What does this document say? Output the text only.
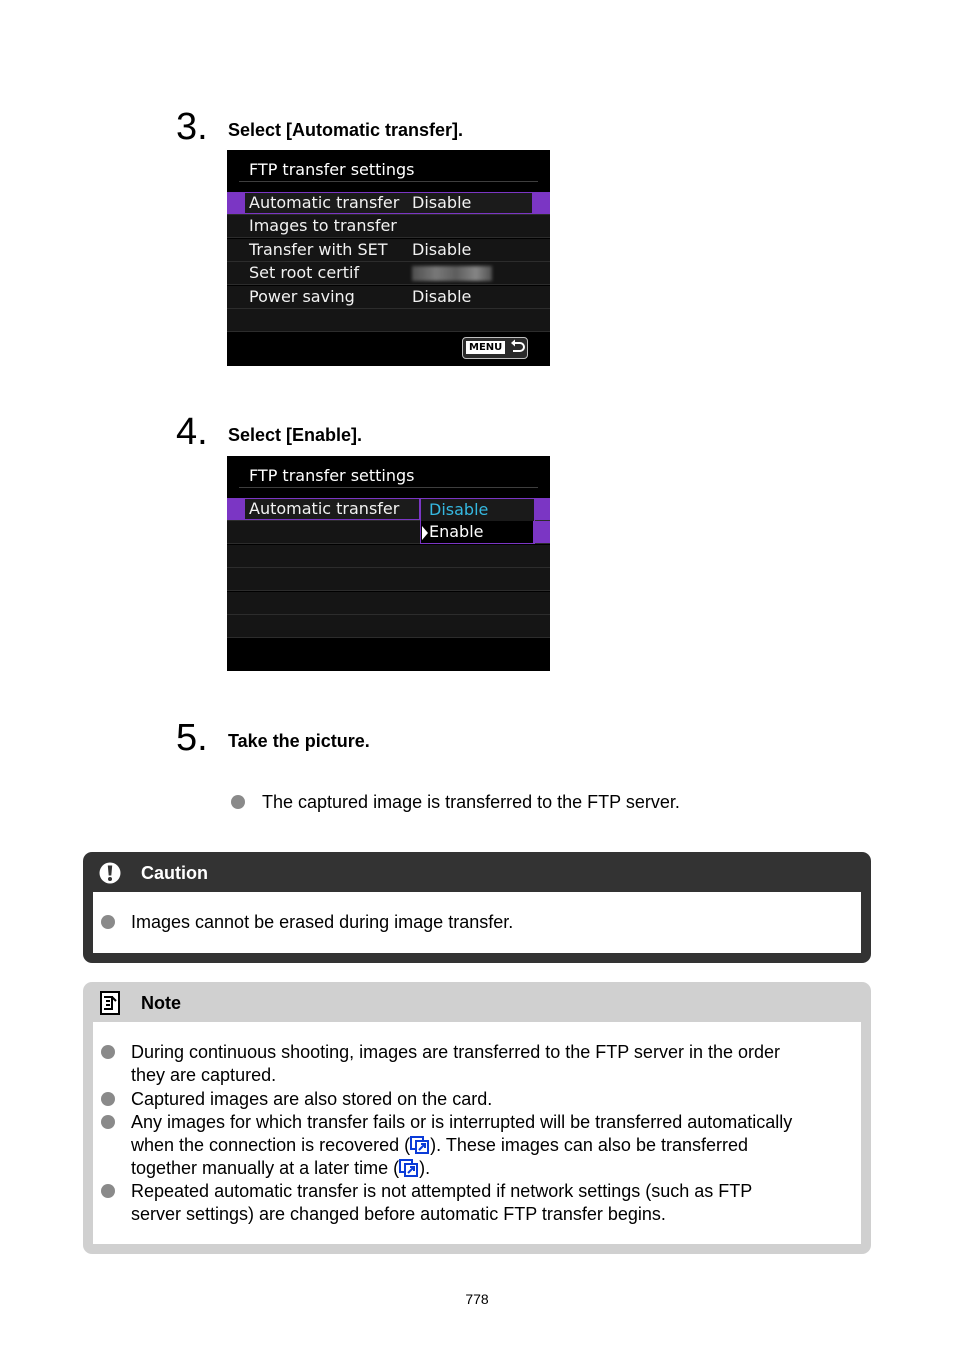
3. Select [Automatic transfer].
FTP transfer settings
Automatic transfer Disable
Images to transfer
Transfer with SET Disable
Set root certif
Power saving	Disable
MENU
4. Select [Enable].
FTP transfer settings
Automatic transfer Disable
Enable
5. Take the picture.
The captured image is transferred to the FTP server.
Caution
Images cannot be erased during image transfer.
Note
During continuous shooting, images are transferred to the FTP server in the order
they are captured.
Captured images are also stored on the card.
Any images for which transfer fails or is interrupted will be transferred automatically
when the connection is recovered ( ). These images can also be transferred
together manually at a later time ( ).
Repeated automatic transfer is not attempted if network settings (such as FTP
server settings) are changed before automatic FTP transfer begins.
778
